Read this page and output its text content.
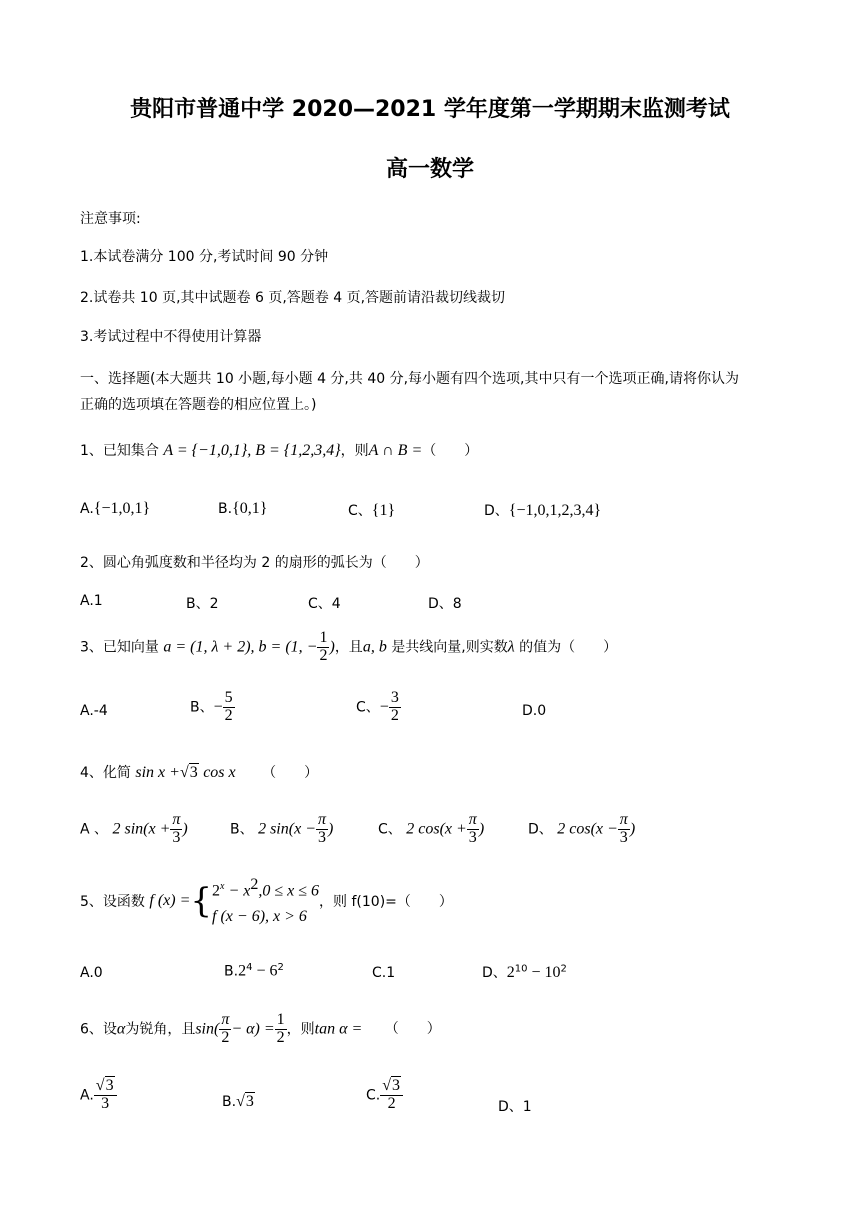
贵阳市普通中学 2020—2021 学年度第一学期期末监测考试
高一数学
注意事项:
1.本试卷满分 100 分,考试时间 90 分钟
2.试卷共 10 页,其中试题卷 6 页,答题卷 4 页,答题前请沿裁切线裁切
3.考试过程中不得使用计算器
一、选择题(本大题共 10 小题,每小题 4 分,共 40 分,每小题有四个选项,其中只有一个选项正确,请将你认为
正确的选项填在答题卷的相应位置上。)
1、已知集合 A = {−1,0,1}, B = {1,2,3,4}，则A ∩ B =（　　）
A.{−1,0,1}	B.{0,1}	C、{1}	D、{−1,0,1,2,3,4}
2、圆心角弧度数和半径均为 2 的扇形的弧长为（　　）
A.1	B、2	C、4	D、8
3、已知向量 a = (1, λ + 2), b = (1, − $\frac{1}{2}$ )，且a, b 是共线向量,则实数λ 的值为（　　）
A.-4	B、− $\frac{5}{2}$	C、− $\frac{3}{2}$	D.0
4、化简 sin x +√3 cos x （　　）
A 、 2 $\sin(x + \frac{\pi}{3}$ )	B、 2 $\sin(x - \frac{\pi}{3}$ )	C、 2 $\cos(x + \frac{\pi}{3}$ )	D、 2 $\cos(x - \frac{\pi}{3}$ )
5、设函数 f (x) ={ $2^x - x^2,0 \le x \le 6$
f (x − 6), x > 6
，则 f(10)=（　　）
A.0	$B.2^4 - 6^2$	C.1	D、$2^{10} - 10^2$
6、设α为锐角，且$\sin( \frac{\pi}{2} - \alpha) = \frac{1}{2}$ ，则tan α = （　　）
A. $\frac{√3}{3}$	B.√3	C. $\frac{√3}{2}$	D、1
